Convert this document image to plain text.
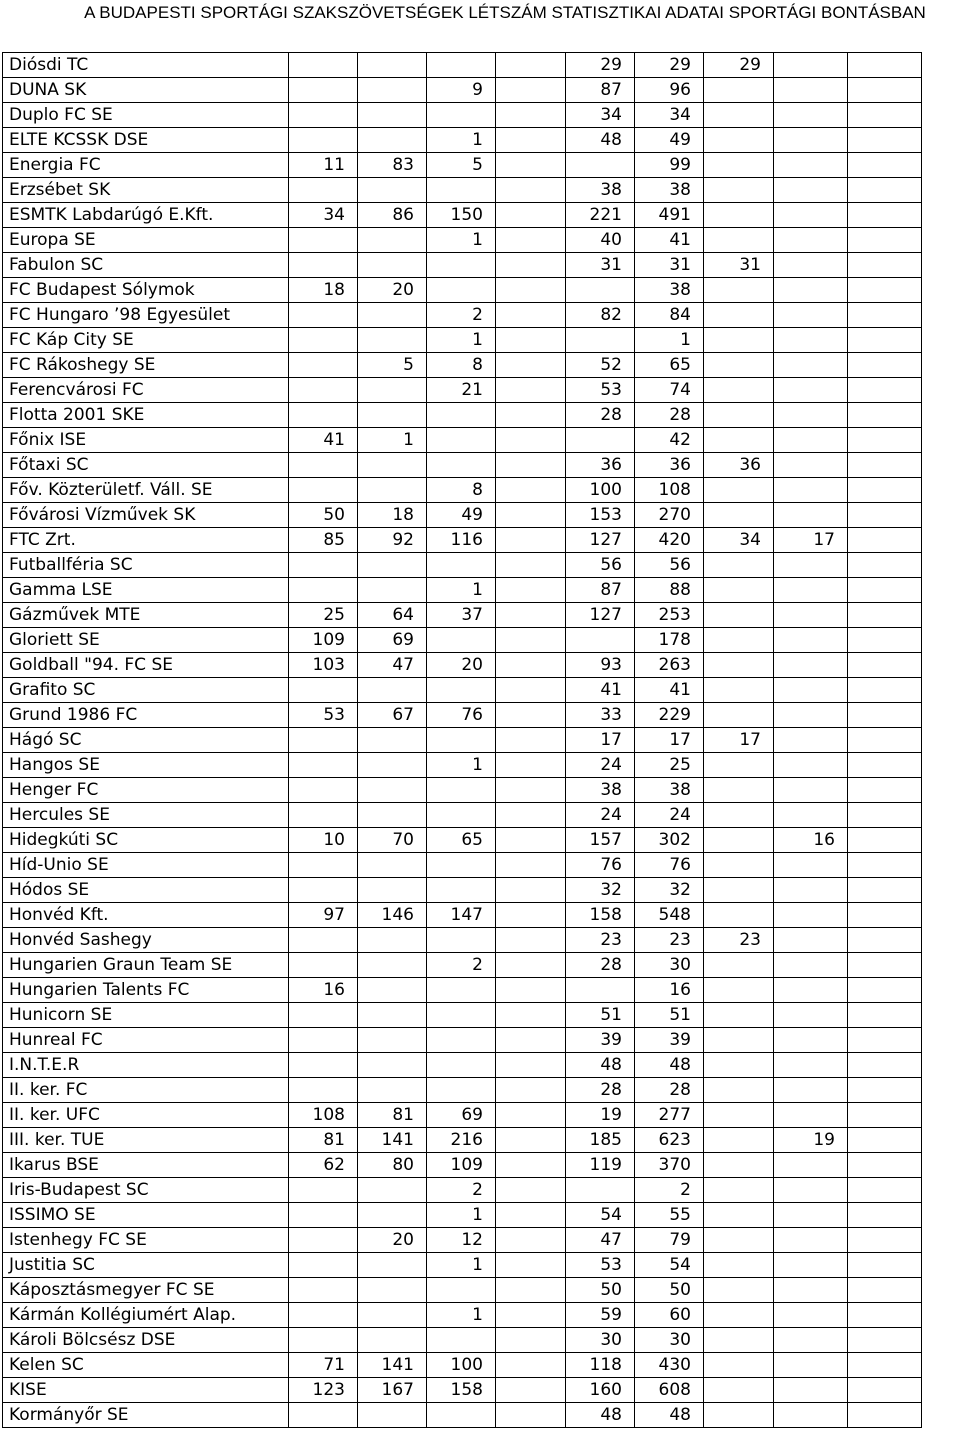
A BUDAPESTI SPORTÁGI SZAKSZÖVETSÉGEK LÉTSZÁM STATISZTIKAI ADATAI SPORTÁGI BONTÁSBAN
Diósdi TC					29	29	29		
DUNA SK			9		87	96			
Duplo FC SE					34	34			
ELTE KCSSK DSE			1		48	49			
Energia FC	11	83	5			99			
Erzsébet SK					38	38			
ESMTK Labdarúgó E.Kft.	34	86	150		221	491			
Europa SE			1		40	41			
Fabulon SC					31	31	31		
FC Budapest Sólymok	18	20				38			
FC Hungaro ’98 Egyesület			2		82	84			
FC Káp City SE			1			1			
FC Rákoshegy SE		5	8		52	65			
Ferencvárosi FC			21		53	74			
Flotta 2001 SKE					28	28			
Főnix ISE	41	1				42			
Főtaxi SC					36	36	36		
Főv. Közterületf. Váll. SE			8		100	108			
Fővárosi Vízművek SK	50	18	49		153	270			
FTC Zrt.	85	92	116		127	420	34	17	
Futballféria SC					56	56			
Gamma LSE			1		87	88			
Gázművek MTE	25	64	37		127	253			
Gloriett SE	109	69				178			
Goldball "94. FC SE	103	47	20		93	263			
Grafito SC					41	41			
Grund 1986 FC	53	67	76		33	229			
Hágó SC					17	17	17		
Hangos SE			1		24	25			
Henger FC					38	38			
Hercules SE					24	24			
Hidegkúti SC	10	70	65		157	302		16	
Híd-Unio SE					76	76			
Hódos SE					32	32			
Honvéd Kft.	97	146	147		158	548			
Honvéd Sashegy					23	23	23		
Hungarien Graun Team SE			2		28	30			
Hungarien Talents FC	16					16			
Hunicorn SE					51	51			
Hunreal FC					39	39			
I.N.T.E.R					48	48			
II. ker. FC					28	28			
II. ker. UFC	108	81	69		19	277			
III. ker. TUE	81	141	216		185	623		19	
Ikarus BSE	62	80	109		119	370			
Iris-Budapest SC			2			2			
ISSIMO SE			1		54	55			
Istenhegy FC SE		20	12		47	79			
Justitia SC			1		53	54			
Káposztásmegyer FC SE					50	50			
Kármán Kollégiumért Alap.			1		59	60			
Károli Bölcsész DSE					30	30			
Kelen SC	71	141	100		118	430			
KISE	123	167	158		160	608			
Kormányőr SE					48	48			
